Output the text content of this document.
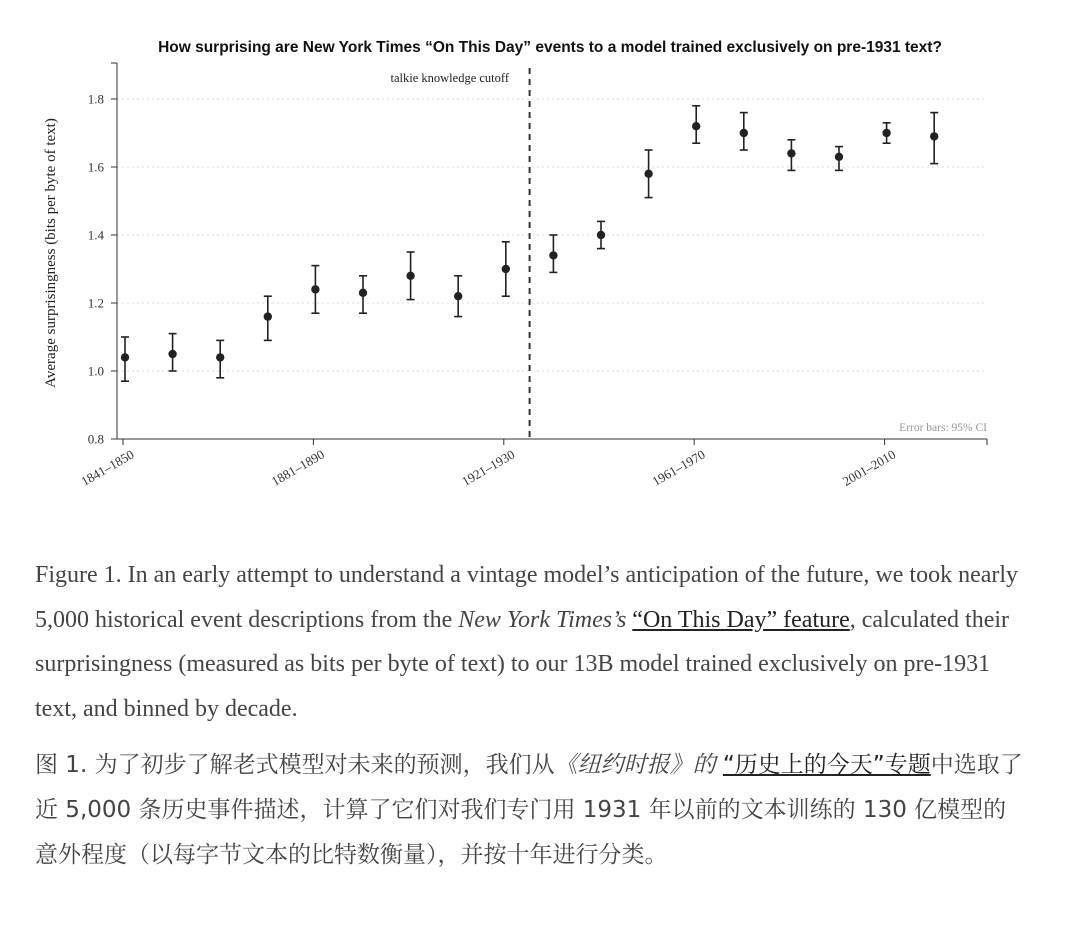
How surprising are New York Times “On This Day” events to a model trained exclusively on pre-1931 text?
Average surprisingness (bits per byte of text)
0.8
1.0
1.2
1.4
1.6
1.8
1841–1850	1881–1890	1921–1930	1961–1970	2001–2010
talkie knowledge cutoff
Error bars: 95% CI

Figure 1. In an early attempt to understand a vintage model’s anticipation of the future, we took nearly 5,000 historical event descriptions from the New York Times’s “On This Day” feature, calculated their surprisingness (measured as bits per byte of text) to our 13B model trained exclusively on pre-1931 text, and binned by decade.

图 1. 为了初步了解老式模型对未来的预测，我们从《纽约时报》的 “历史上的今天”专题中选取了近 5,000 条历史事件描述，计算了它们对我们专门用 1931 年以前的文本训练的 130 亿模型的意外程度（以每字节文本的比特数衡量），并按十年进行分类。
